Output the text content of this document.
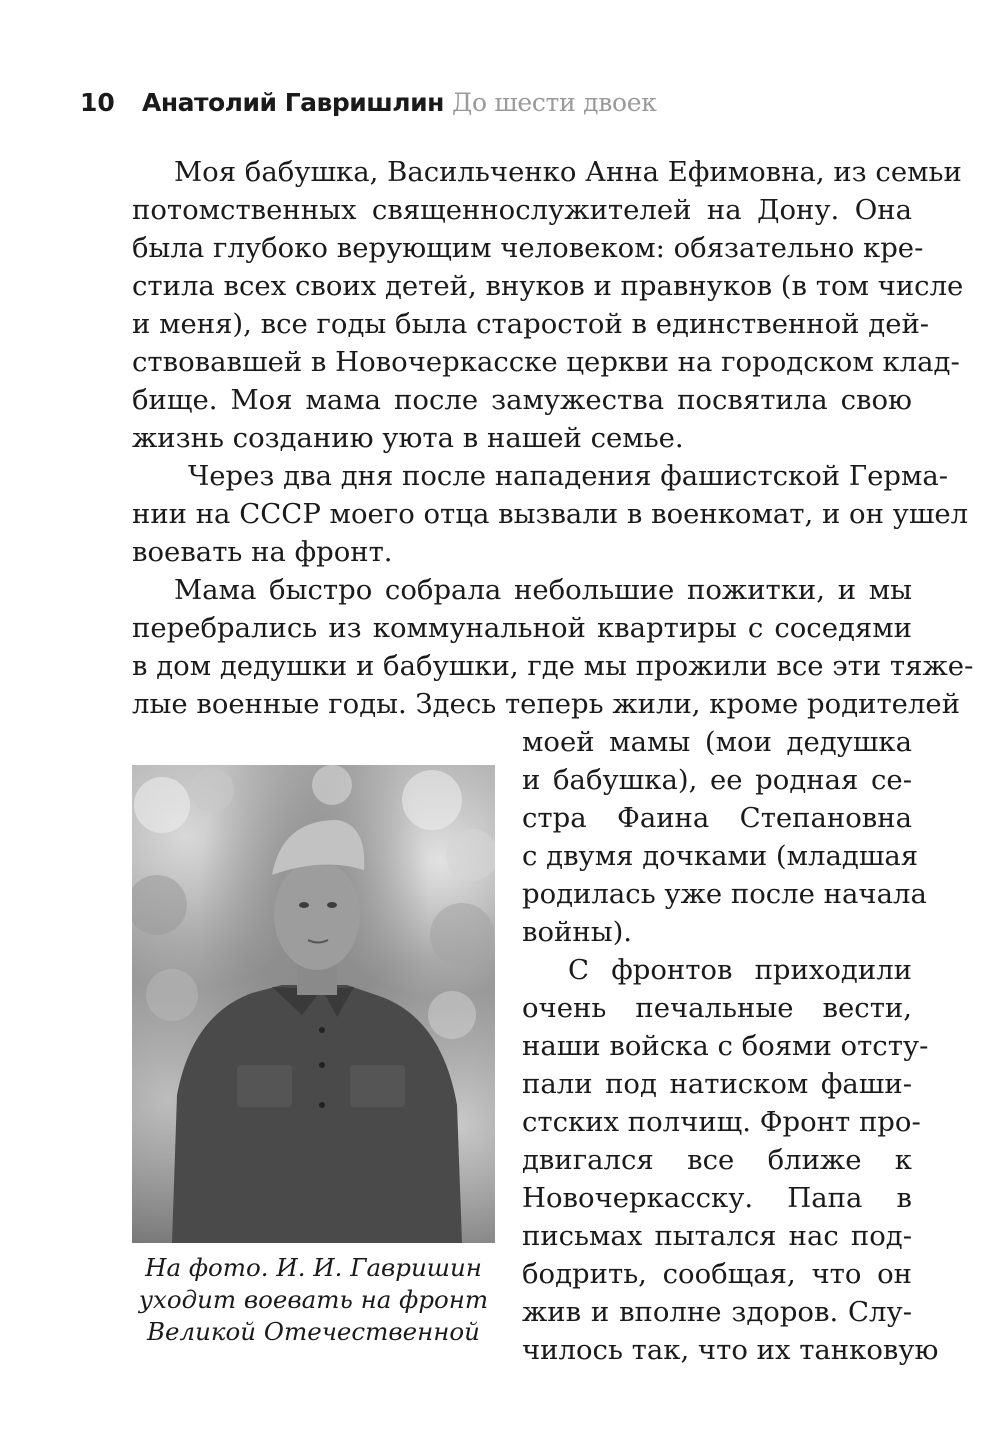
10 Анатолий Гавришлин До шести двоек
Моя бабушка, Васильченко Анна Ефимовна, из семьи
потомственных священнослужителей на Дону. Она
была глубоко верующим человеком: обязательно кре-
стила всех своих детей, внуков и правнуков (в том числе
и меня), все годы была старостой в единственной дей-
ствовавшей в Новочеркасске церкви на городском клад-
бище. Моя мама после замужества посвятила свою
жизнь созданию уюта в нашей семье.
Через два дня после нападения фашистской Герма-
нии на СССР моего отца вызвали в военкомат, и он ушел
воевать на фронт.
Мама быстро собрала небольшие пожитки, и мы
перебрались из коммунальной квартиры с соседями
в дом дедушки и бабушки, где мы прожили все эти тяже-
лые военные годы. Здесь теперь жили, кроме родителей
моей мамы (мои дедушка
и бабушка), ее родная се-
стра Фаина Степановна
с двумя дочками (младшая
родилась уже после начала
войны).
С фронтов приходили
очень печальные вести,
наши войска с боями отсту-
пали под натиском фаши-
стских полчищ. Фронт про-
двигался все ближе к
Новочеркасску. Папа в
письмах пытался нас под-
бодрить, сообщая, что он
жив и вполне здоров. Слу-
чилось так, что их танковую
На фото. И. И. Гавришин
уходит воевать на фронт
Великой Отечественной
